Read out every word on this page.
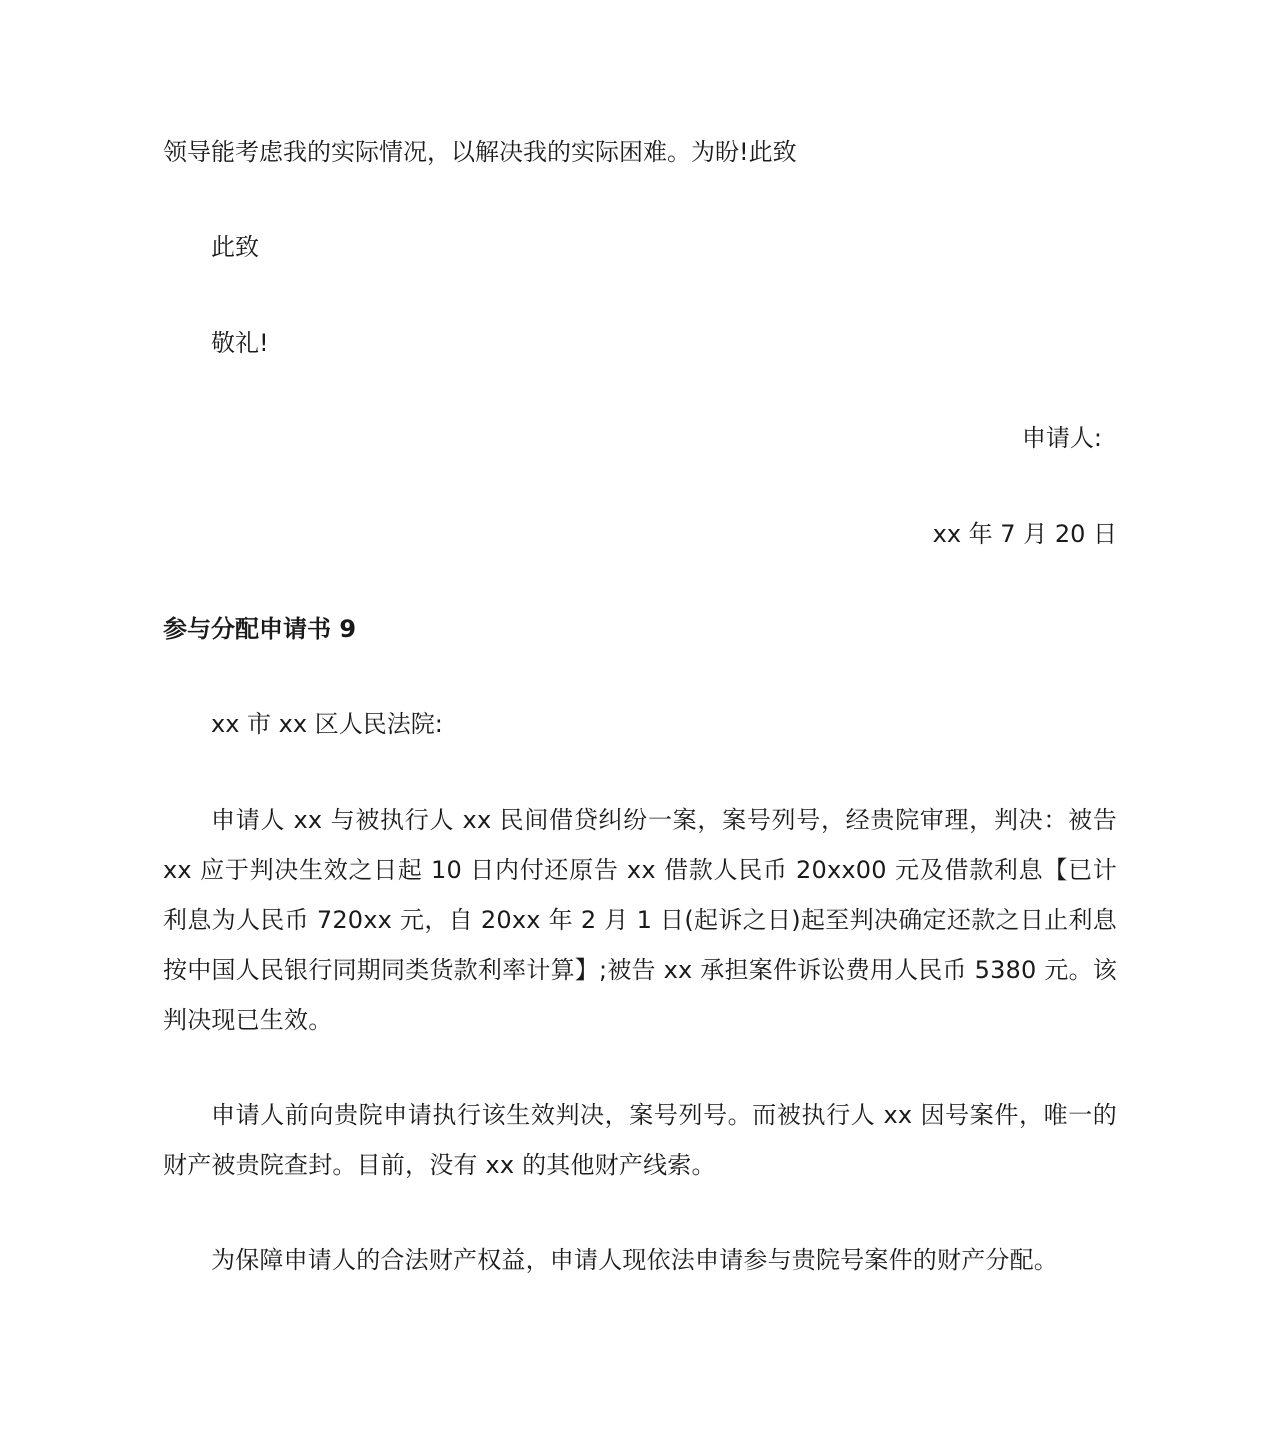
领导能考虑我的实际情况，以解决我的实际困难。为盼!此致

此致

敬礼!

申请人:

xx 年 7 月 20 日

参与分配申请书 9

xx 市 xx 区人民法院:

申请人 xx 与被执行人 xx 民间借贷纠纷一案，案号列号，经贵院审理，判决：被告 xx 应于判决生效之日起 10 日内付还原告 xx 借款人民币 20xx00 元及借款利息【已计利息为人民币 720xx 元，自 20xx 年 2 月 1 日(起诉之日)起至判决确定还款之日止利息按中国人民银行同期同类货款利率计算】;被告 xx 承担案件诉讼费用人民币 5380 元。该判决现已生效。

申请人前向贵院申请执行该生效判决，案号列号。而被执行人 xx 因号案件，唯一的财产被贵院查封。目前，没有 xx 的其他财产线索。

为保障申请人的合法财产权益，申请人现依法申请参与贵院号案件的财产分配。
